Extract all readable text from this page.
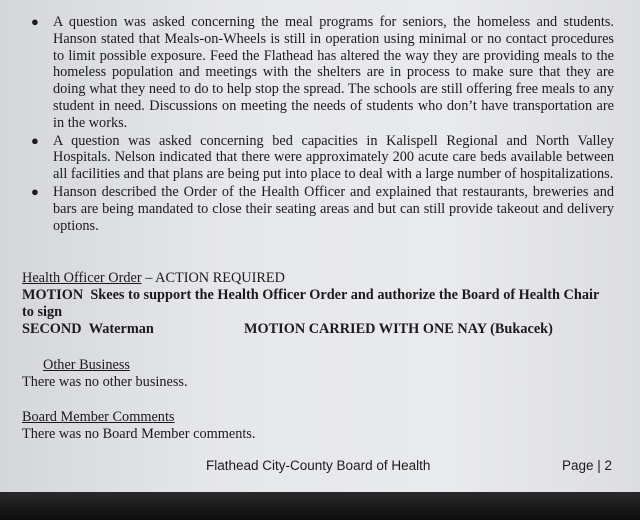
● A question was asked concerning the meal programs for seniors, the homeless and students. Hanson stated that Meals-on-Wheels is still in operation using minimal or no contact procedures to limit possible exposure. Feed the Flathead has altered the way they are providing meals to the homeless population and meetings with the shelters are in process to make sure that they are doing what they need to do to help stop the spread. The schools are still offering free meals to any student in need. Discussions on meeting the needs of students who don’t have transportation are in the works.
● A question was asked concerning bed capacities in Kalispell Regional and North Valley Hospitals. Nelson indicated that there were approximately 200 acute care beds available between all facilities and that plans are being put into place to deal with a large number of hospitalizations.
● Hanson described the Order of the Health Officer and explained that restaurants, breweries and bars are being mandated to close their seating areas and but can still provide takeout and delivery options.
Health Officer Order – ACTION REQUIRED
MOTION Skees to support the Health Officer Order and authorize the Board of Health Chair to sign
SECOND Waterman	MOTION CARRIED WITH ONE NAY (Bukacek)
Other Business
There was no other business.
Board Member Comments
There was no Board Member comments.
Flathead City-County Board of Health	Page | 2
